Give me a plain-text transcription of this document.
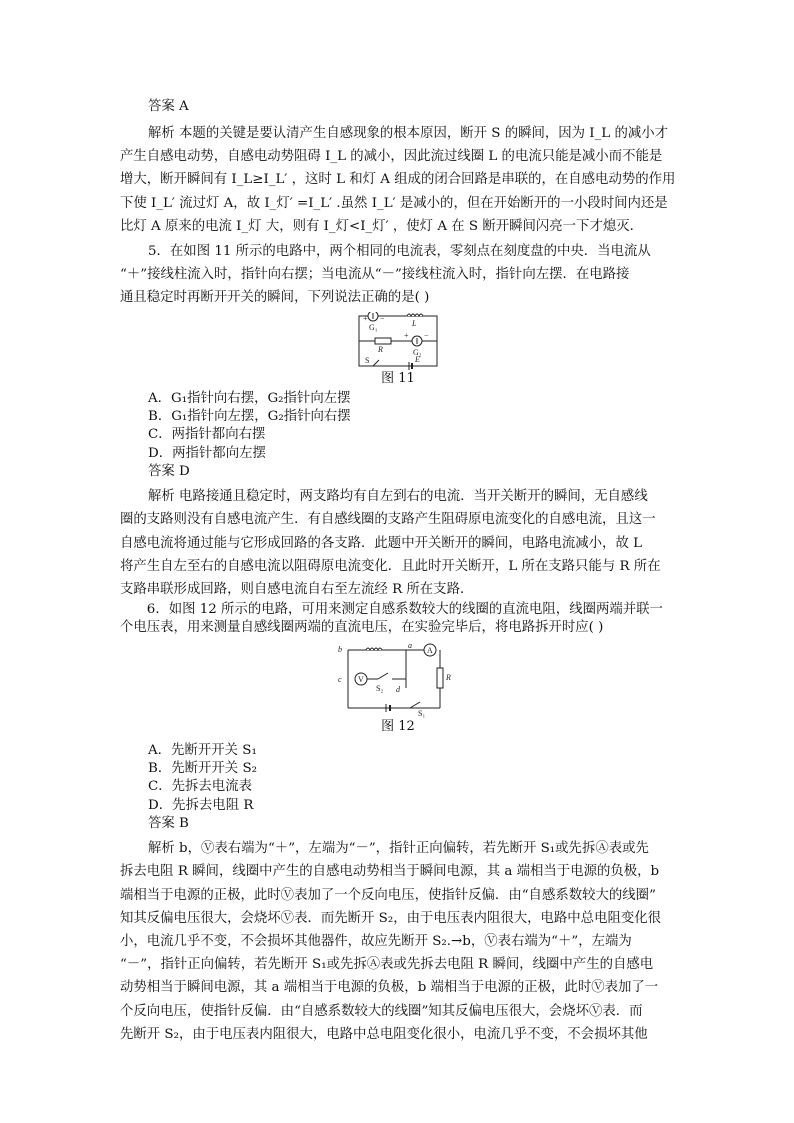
答案 A

解析 本题的关键是要认清产生自感现象的根本原因，断开 S 的瞬间，因为 I_L 的减小才

产生自感电动势，自感电动势阻碍 I_L 的减小，因此流过线圈 L 的电流只能是减小而不能是

增大，断开瞬间有 I_L≥I_L′ ，这时 L 和灯 A 组成的闭合回路是串联的，在自感电动势的作用

下使 I_L′ 流过灯 A，故 I_灯′ =I_L′ .虽然 I_L′ 是减小的，但在开始断开的一小段时间内还是

比灯 A 原来的电流 I_灯 大，则有 I_灯<I_灯′ ，使灯 A 在 S 断开瞬间闪亮一下才熄灭．

5．在如图 11 所示的电路中，两个相同的电流表，零刻点在刻度盘的中央．当电流从

“＋”接线柱流入时，指针向右摆；当电流从“－”接线柱流入时，指针向左摆．在电路接

通且稳定时再断开开关的瞬间，下列说法正确的是( )

+ −
G₁	L
R
+ −
G₂
S	E

图 11

A．G₁指针向右摆，G₂指针向左摆

B．G₁指针向左摆，G₂指针向右摆

C．两指针都向右摆

D．两指针都向左摆

答案 D

解析 电路接通且稳定时，两支路均有自左到右的电流．当开关断开的瞬间，无自感线

圈的支路则没有自感电流产生．有自感线圈的支路产生阻碍原电流变化的自感电流，且这一

自感电流将通过能与它形成回路的各支路．此题中开关断开的瞬间，电路电流减小，故 L

将产生自左至右的自感电流以阻碍原电流变化．且此时开关断开，L 所在支路只能与 R 所在

支路串联形成回路，则自感电流自右至左流经 R 所在支路．

6．如图 12 所示的电路，可用来测定自感系数较大的线圈的直流电阻，线圈两端并联一

个电压表，用来测量自感线圈两端的直流电压，在实验完毕后，将电路拆开时应( )

b	a
A
c V
S₂ d
R
S₁

图 12

A．先断开开关 S₁

B．先断开开关 S₂

C．先拆去电流表

D．先拆去电阻 R

答案 B

解析 b，Ⓥ表右端为“＋”，左端为“－”，指针正向偏转，若先断开 S₁或先拆Ⓐ表或先

拆去电阻 R 瞬间，线圈中产生的自感电动势相当于瞬间电源，其 a 端相当于电源的负极，b

端相当于电源的正极，此时Ⓥ表加了一个反向电压，使指针反偏．由“自感系数较大的线圈”

知其反偏电压很大，会烧坏Ⓥ表．而先断开 S₂，由于电压表内阻很大，电路中总电阻变化很

小，电流几乎不变，不会损坏其他器件，故应先断开 S₂.→b，Ⓥ表右端为“＋”，左端为

“－”，指针正向偏转，若先断开 S₁或先拆Ⓐ表或先拆去电阻 R 瞬间，线圈中产生的自感电

动势相当于瞬间电源，其 a 端相当于电源的负极，b 端相当于电源的正极，此时Ⓥ表加了一

个反向电压，使指针反偏．由“自感系数较大的线圈”知其反偏电压很大，会烧坏Ⓥ表．而

先断开 S₂，由于电压表内阻很大，电路中总电阻变化很小，电流几乎不变，不会损坏其他
